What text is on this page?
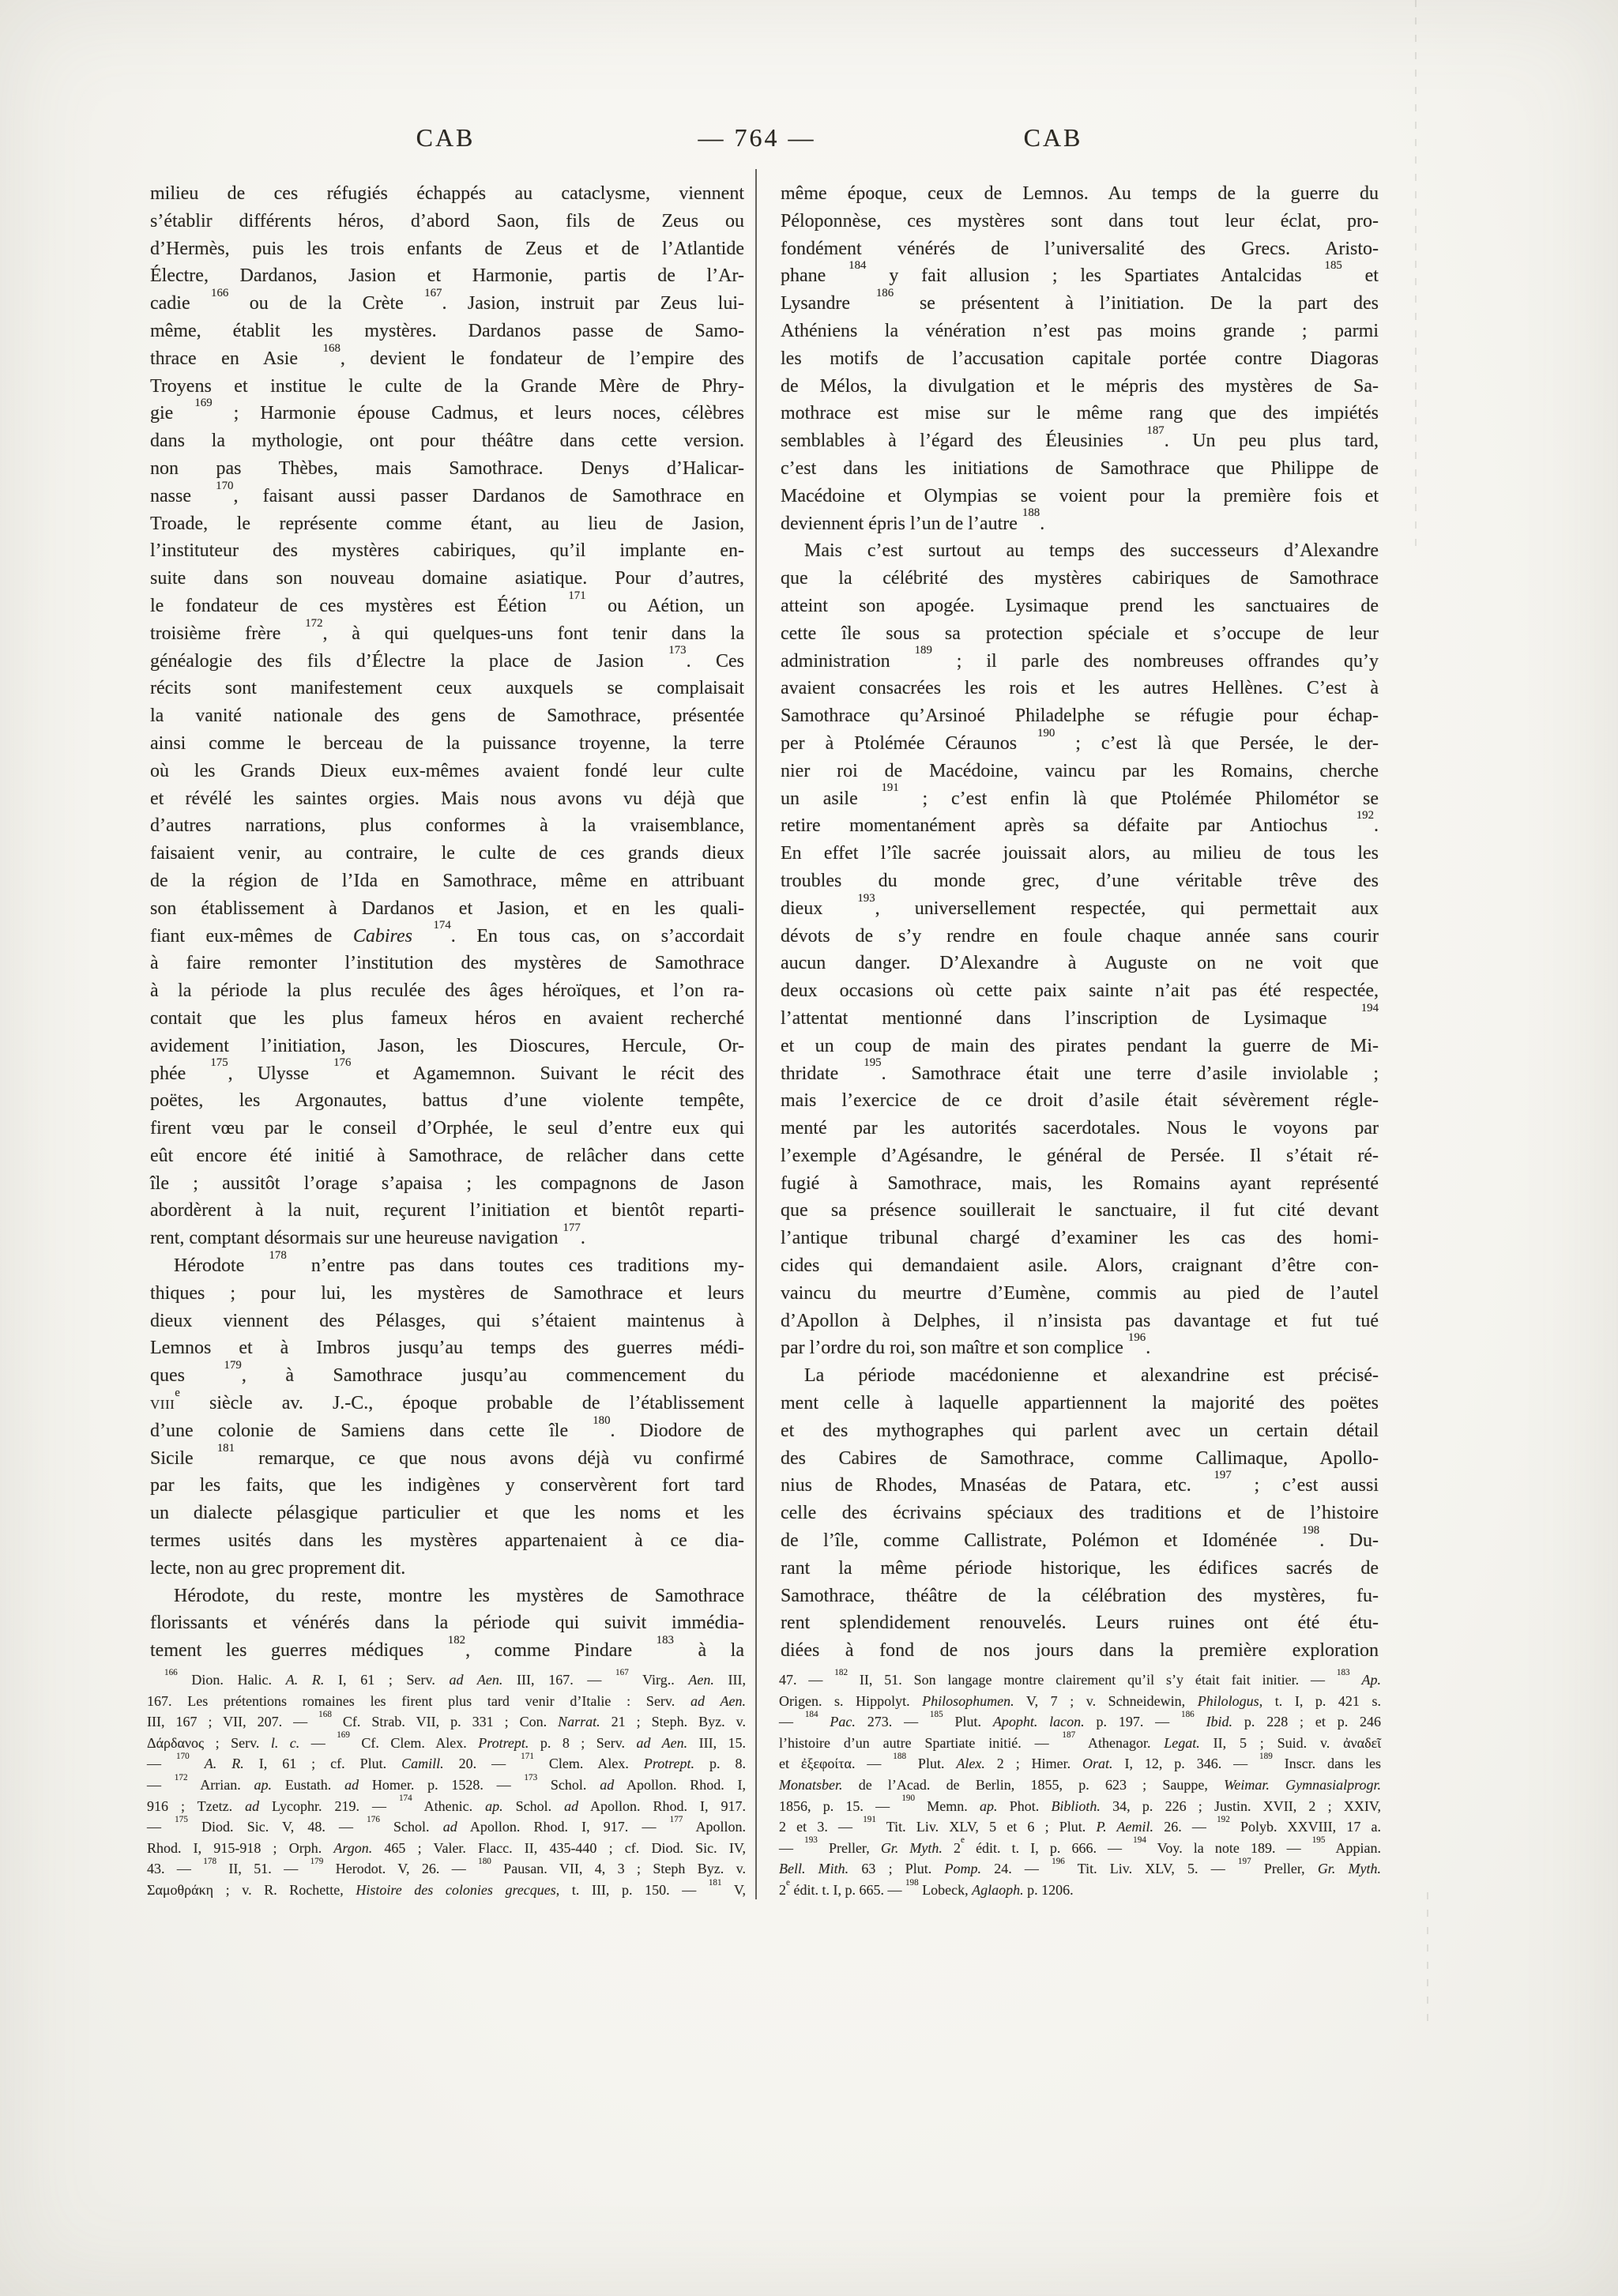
CAB	— 764 —	CAB
milieu de ces réfugiés échappés au cataclysme, viennent
s’établir différents héros, d’abord Saon, fils de Zeus ou
d’Hermès, puis les trois enfants de Zeus et de l’Atlantide
Électre, Dardanos, Jasion et Harmonie, partis de l’Ar-
cadie $^{166}$ ou de la Crète $^{167}$. Jasion, instruit par Zeus lui-
même, établit les mystères. Dardanos passe de Samo-
thrace en Asie $^{168}$, devient le fondateur de l’empire des
Troyens et institue le culte de la Grande Mère de Phry-
gie $^{169}$ ; Harmonie épouse Cadmus, et leurs noces, célèbres
dans la mythologie, ont pour théâtre dans cette version.
non pas Thèbes, mais Samothrace. Denys d’Halicar-
nasse $^{170}$, faisant aussi passer Dardanos de Samothrace en
Troade, le représente comme étant, au lieu de Jasion,
l’instituteur des mystères cabiriques, qu’il implante en-
suite dans son nouveau domaine asiatique. Pour d’autres,
le fondateur de ces mystères est Éétion $^{171}$ ou Aétion, un
troisième frère $^{172}$, à qui quelques-uns font tenir dans la
généalogie des fils d’Électre la place de Jasion $^{173}$. Ces
récits sont manifestement ceux auxquels se complaisait
la vanité nationale des gens de Samothrace, présentée
ainsi comme le berceau de la puissance troyenne, la terre
où les Grands Dieux eux-mêmes avaient fondé leur culte
et révélé les saintes orgies. Mais nous avons vu déjà que
d’autres narrations, plus conformes à la vraisemblance,
faisaient venir, au contraire, le culte de ces grands dieux
de la région de l’Ida en Samothrace, même en attribuant
son établissement à Dardanos et Jasion, et en les quali-
fiant eux-mêmes de Cabires $^{174}$. En tous cas, on s’accordait
à faire remonter l’institution des mystères de Samothrace
à la période la plus reculée des âges héroïques, et l’on ra-
contait que les plus fameux héros en avaient recherché
avidement l’initiation, Jason, les Dioscures, Hercule, Or-
phée $^{175}$, Ulysse $^{176}$ et Agamemnon. Suivant le récit des
poëtes, les Argonautes, battus d’une violente tempête,
firent vœu par le conseil d’Orphée, le seul d’entre eux qui
eût encore été initié à Samothrace, de relâcher dans cette
île ; aussitôt l’orage s’apaisa ; les compagnons de Jason
abordèrent à la nuit, reçurent l’initiation et bientôt reparti-
rent, comptant désormais sur une heureuse navigation $^{177}$.
Hérodote $^{178}$ n’entre pas dans toutes ces traditions my-
thiques ; pour lui, les mystères de Samothrace et leurs
dieux viennent des Pélasges, qui s’étaient maintenus à
Lemnos et à Imbros jusqu’au temps des guerres médi-
ques $^{179}$, à Samothrace jusqu’au commencement du
viii$^e$ siècle av. J.-C., époque probable de l’établissement
d’une colonie de Samiens dans cette île $^{180}$. Diodore de
Sicile $^{181}$ remarque, ce que nous avons déjà vu confirmé
par les faits, que les indigènes y conservèrent fort tard
un dialecte pélasgique particulier et que les noms et les
termes usités dans les mystères appartenaient à ce dia-
lecte, non au grec proprement dit.
Hérodote, du reste, montre les mystères de Samothrace
florissants et vénérés dans la période qui suivit immédia-
tement les guerres médiques $^{182}$, comme Pindare $^{183}$ à la
même époque, ceux de Lemnos. Au temps de la guerre du
Péloponnèse, ces mystères sont dans tout leur éclat, pro-
fondément vénérés de l’universalité des Grecs. Aristo-
phane $^{184}$ y fait allusion ; les Spartiates Antalcidas $^{185}$ et
Lysandre $^{186}$ se présentent à l’initiation. De la part des
Athéniens la vénération n’est pas moins grande ; parmi
les motifs de l’accusation capitale portée contre Diagoras
de Mélos, la divulgation et le mépris des mystères de Sa-
mothrace est mise sur le même rang que des impiétés
semblables à l’égard des Éleusinies $^{187}$. Un peu plus tard,
c’est dans les initiations de Samothrace que Philippe de
Macédoine et Olympias se voient pour la première fois et
deviennent épris l’un de l’autre $^{188}$.
Mais c’est surtout au temps des successeurs d’Alexandre
que la célébrité des mystères cabiriques de Samothrace
atteint son apogée. Lysimaque prend les sanctuaires de
cette île sous sa protection spéciale et s’occupe de leur
administration $^{189}$ ; il parle des nombreuses offrandes qu’y
avaient consacrées les rois et les autres Hellènes. C’est à
Samothrace qu’Arsinoé Philadelphe se réfugie pour échap-
per à Ptolémée Céraunos $^{190}$ ; c’est là que Persée, le der-
nier roi de Macédoine, vaincu par les Romains, cherche
un asile $^{191}$ ; c’est enfin là que Ptolémée Philométor se
retire momentanément après sa défaite par Antiochus $^{192}$.
En effet l’île sacrée jouissait alors, au milieu de tous les
troubles du monde grec, d’une véritable trêve des
dieux $^{193}$, universellement respectée, qui permettait aux
dévots de s’y rendre en foule chaque année sans courir
aucun danger. D’Alexandre à Auguste on ne voit que
deux occasions où cette paix sainte n’ait pas été respectée,
l’attentat mentionné dans l’inscription de Lysimaque $^{194}$
et un coup de main des pirates pendant la guerre de Mi-
thridate $^{195}$. Samothrace était une terre d’asile inviolable ;
mais l’exercice de ce droit d’asile était sévèrement régle-
menté par les autorités sacerdotales. Nous le voyons par
l’exemple d’Agésandre, le général de Persée. Il s’était ré-
fugié à Samothrace, mais, les Romains ayant représenté
que sa présence souillerait le sanctuaire, il fut cité devant
l’antique tribunal chargé d’examiner les cas des homi-
cides qui demandaient asile. Alors, craignant d’être con-
vaincu du meurtre d’Eumène, commis au pied de l’autel
d’Apollon à Delphes, il n’insista pas davantage et fut tué
par l’ordre du roi, son maître et son complice $^{196}$.
La période macédonienne et alexandrine est précisé-
ment celle à laquelle appartiennent la majorité des poëtes
et des mythographes qui parlent avec un certain détail
des Cabires de Samothrace, comme Callimaque, Apollo-
nius de Rhodes, Mnaséas de Patara, etc. $^{197}$ ; c’est aussi
celle des écrivains spéciaux des traditions et de l’histoire
de l’île, comme Callistrate, Polémon et Idoménée $^{198}$. Du-
rant la même période historique, les édifices sacrés de
Samothrace, théâtre de la célébration des mystères, fu-
rent splendidement renouvelés. Leurs ruines ont été étu-
diées à fond de nos jours dans la première exploration
$^{166}$ Dion. Halic. A. R. I, 61 ; Serv. ad Aen. III, 167. — $^{167}$ Virg.. Aen. III,
167. Les prétentions romaines les firent plus tard venir d’Italie : Serv. ad Aen.
III, 167 ; VII, 207. — $^{168}$ Cf. Strab. VII, p. 331 ; Con. Narrat. 21 ; Steph. Byz. v.
Δάρδανος ; Serv. l. c. — $^{169}$ Cf. Clem. Alex. Protrept. p. 8 ; Serv. ad Aen. III, 15.
— $^{170}$ A. R. I, 61 ; cf. Plut. Camill. 20. — $^{171}$ Clem. Alex. Protrept. p. 8.
— $^{172}$ Arrian. ap. Eustath. ad Homer. p. 1528. — $^{173}$ Schol. ad Apollon. Rhod. I,
916 ; Tzetz. ad Lycophr. 219. — $^{174}$ Athenic. ap. Schol. ad Apollon. Rhod. I, 917.
— $^{175}$ Diod. Sic. V, 48. — $^{176}$ Schol. ad Apollon. Rhod. I, 917. — $^{177}$ Apollon.
Rhod. I, 915-918 ; Orph. Argon. 465 ; Valer. Flacc. II, 435-440 ; cf. Diod. Sic. IV,
43. — $^{178}$ II, 51. — $^{179}$ Herodot. V, 26. — $^{180}$ Pausan. VII, 4, 3 ; Steph Byz. v.
Σαμοθράκη ; v. R. Rochette, Histoire des colonies grecques, t. III, p. 150. — $^{181}$ V,
47. — $^{182}$ II, 51. Son langage montre clairement qu’il s’y était fait initier. — $^{183}$ Ap.
Origen. s. Hippolyt. Philosophumen. V, 7 ; v. Schneidewin, Philologus, t. I, p. 421 s.
— $^{184}$ Pac. 273. — $^{185}$ Plut. Apopht. lacon. p. 197. — $^{186}$ Ibid. p. 228 ; et p. 246
l’histoire d’un autre Spartiate initié. — $^{187}$ Athenagor. Legat. II, 5 ; Suid. v. ἀναδεῖ
et ἐξεφοίτα. — $^{188}$ Plut. Alex. 2 ; Himer. Orat. I, 12, p. 346. — $^{189}$ Inscr. dans les
Monatsber. de l’Acad. de Berlin, 1855, p. 623 ; Sauppe, Weimar. Gymnasialprogr.
1856, p. 15. — $^{190}$ Memn. ap. Phot. Biblioth. 34, p. 226 ; Justin. XVII, 2 ; XXIV,
2 et 3. — $^{191}$ Tit. Liv. XLV, 5 et 6 ; Plut. P. Aemil. 26. — $^{192}$ Polyb. XXVIII, 17 a.
— $^{193}$ Preller, Gr. Myth. 2e édit. t. I, p. 666. — $^{194}$ Voy. la note 189. — $^{195}$ Appian.
Bell. Mith. 63 ; Plut. Pomp. 24. — $^{196}$ Tit. Liv. XLV, 5. — $^{197}$ Preller, Gr. Myth.
2e édit. t. I, p. 665. — $^{198}$ Lobeck, Aglaoph. p. 1206.
